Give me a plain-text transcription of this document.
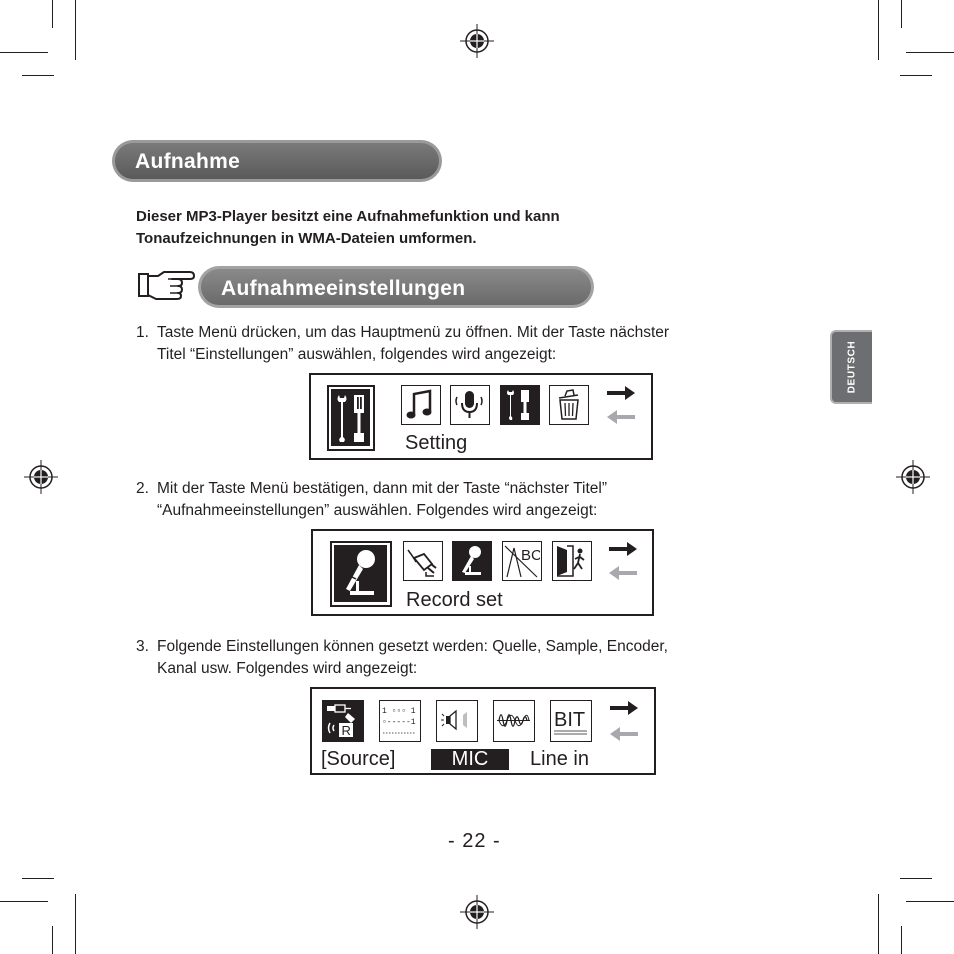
Aufnahme
Dieser MP3-Player besitzt eine Aufnahmefunktion und kann
Tonaufzeichnungen in WMA-Dateien umformen.
Aufnahmeeinstellungen
DEUTSCH
1. Taste Menü drücken, um das Hauptmenü zu öffnen. Mit der Taste nächster
Titel “Einstellungen” auswählen, folgendes wird angezeigt:
Setting
2. Mit der Taste Menü bestätigen, dann mit der Taste “nächster Titel”
“Aufnahmeeinstellungen” auswählen. Folgendes wird angezeigt:
BC
Record set
3. Folgende Einstellungen können gesetzt werden: Quelle, Sample, Encoder,
Kanal usw. Folgendes wird angezeigt:
R
1 ▫▫▫ 1
▫-----1	BIT
[Source]	MIC	Line in
- 22 -
